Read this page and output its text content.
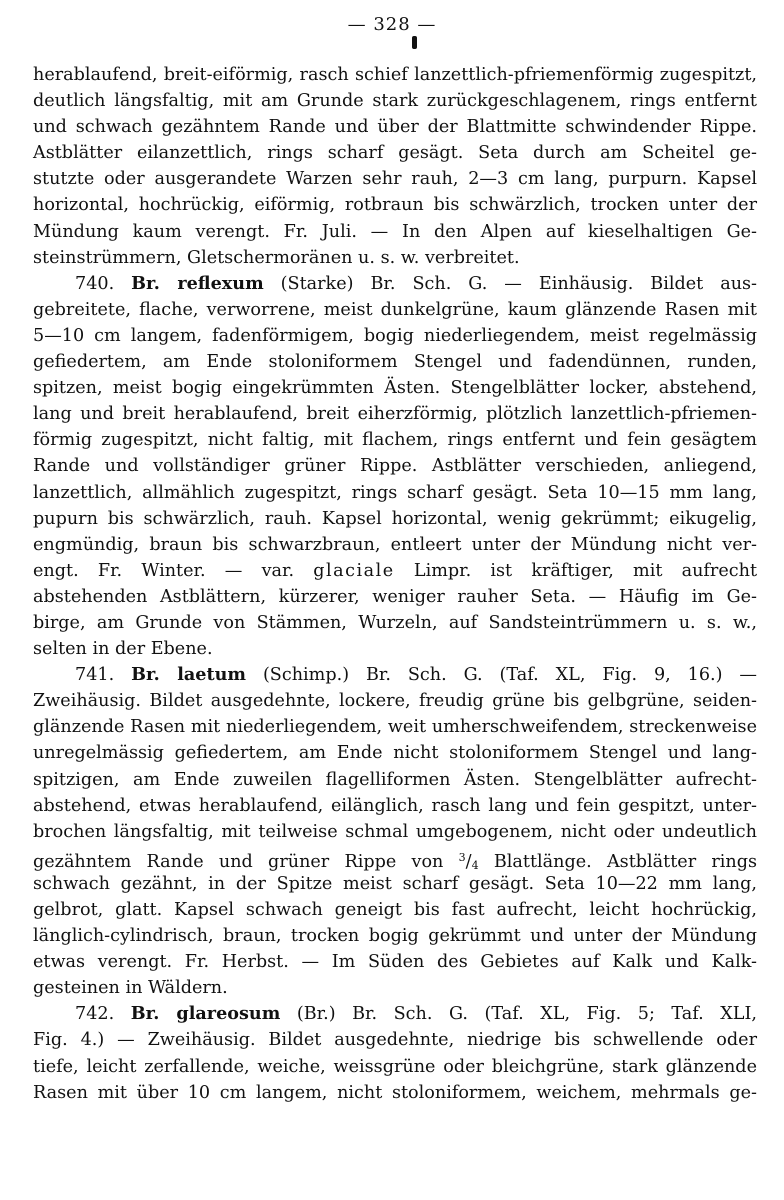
— 328 —
herablaufend, breit-eiförmig, rasch schief lanzettlich-pfriemenförmig zugespitzt,
deutlich längsfaltig, mit am Grunde stark zurückgeschlagenem, rings entfernt
und schwach gezähntem Rande und über der Blattmitte schwindender Rippe.
Astblätter eilanzettlich, rings scharf gesägt. Seta durch am Scheitel ge-
stutzte oder ausgerandete Warzen sehr rauh, 2—3 cm lang, purpurn. Kapsel
horizontal, hochrückig, eiförmig, rotbraun bis schwärzlich, trocken unter der
Mündung kaum verengt. Fr. Juli. — In den Alpen auf kieselhaltigen Ge-
steinstrümmern, Gletschermoränen u. s. w. verbreitet.
740. Br. reflexum (Starke) Br. Sch. G. — Einhäusig. Bildet aus-
gebreitete, flache, verworrene, meist dunkelgrüne, kaum glänzende Rasen mit
5—10 cm langem, fadenförmigem, bogig niederliegendem, meist regelmässig
gefiedertem, am Ende stoloniformem Stengel und fadendünnen, runden,
spitzen, meist bogig eingekrümmten Ästen. Stengelblätter locker, abstehend,
lang und breit herablaufend, breit eiherzförmig, plötzlich lanzettlich-pfriemen-
förmig zugespitzt, nicht faltig, mit flachem, rings entfernt und fein gesägtem
Rande und vollständiger grüner Rippe. Astblätter verschieden, anliegend,
lanzettlich, allmählich zugespitzt, rings scharf gesägt. Seta 10—15 mm lang,
pupurn bis schwärzlich, rauh. Kapsel horizontal, wenig gekrümmt; eikugelig,
engmündig, braun bis schwarzbraun, entleert unter der Mündung nicht ver-
engt. Fr. Winter. — var. glaciale Limpr. ist kräftiger, mit aufrecht
abstehenden Astblättern, kürzerer, weniger rauher Seta. — Häufig im Ge-
birge, am Grunde von Stämmen, Wurzeln, auf Sandsteintrümmern u. s. w.,
selten in der Ebene.
741. Br. laetum (Schimp.) Br. Sch. G. (Taf. XL, Fig. 9, 16.) —
Zweihäusig. Bildet ausgedehnte, lockere, freudig grüne bis gelbgrüne, seiden-
glänzende Rasen mit niederliegendem, weit umherschweifendem, streckenweise
unregelmässig gefiedertem, am Ende nicht stoloniformem Stengel und lang-
spitzigen, am Ende zuweilen flagelliformen Ästen. Stengelblätter aufrecht-
abstehend, etwas herablaufend, eilänglich, rasch lang und fein gespitzt, unter-
brochen längsfaltig, mit teilweise schmal umgebogenem, nicht oder undeutlich
gezähntem Rande und grüner Rippe von $^3$/4 Blattlänge. Astblätter rings
schwach gezähnt, in der Spitze meist scharf gesägt. Seta 10—22 mm lang,
gelbrot, glatt. Kapsel schwach geneigt bis fast aufrecht, leicht hochrückig,
länglich-cylindrisch, braun, trocken bogig gekrümmt und unter der Mündung
etwas verengt. Fr. Herbst. — Im Süden des Gebietes auf Kalk und Kalk-
gesteinen in Wäldern.
742. Br. glareosum (Br.) Br. Sch. G. (Taf. XL, Fig. 5; Taf. XLI,
Fig. 4.) — Zweihäusig. Bildet ausgedehnte, niedrige bis schwellende oder
tiefe, leicht zerfallende, weiche, weissgrüne oder bleichgrüne, stark glänzende
Rasen mit über 10 cm langem, nicht stoloniformem, weichem, mehrmals ge-
